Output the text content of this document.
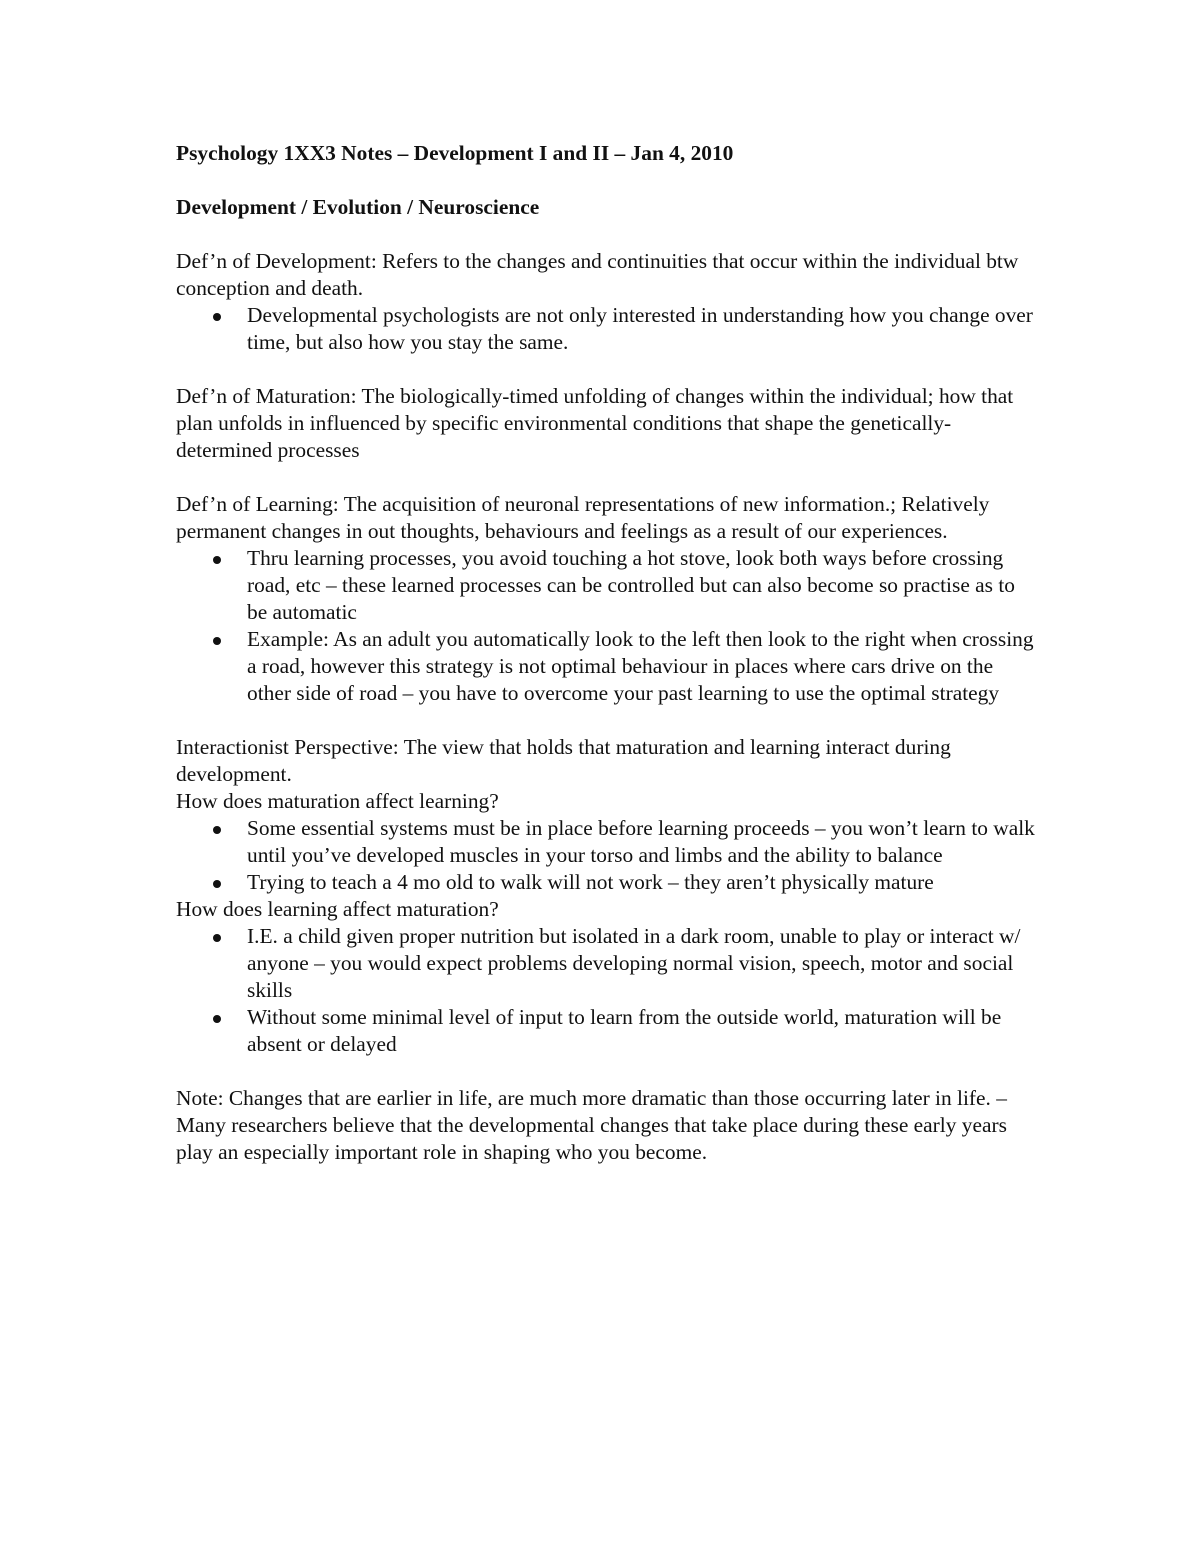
Psychology 1XX3 Notes – Development I and II – Jan 4, 2010

Development / Evolution / Neuroscience

Def’n of Development: Refers to the changes and continuities that occur within the individual btw conception and death.

Developmental psychologists are not only interested in understanding how you change over time, but also how you stay the same.

Def’n of Maturation: The biologically-timed unfolding of changes within the individual; how that plan unfolds in influenced by specific environmental conditions that shape the genetically-determined processes

Def’n of Learning: The acquisition of neuronal representations of new information.; Relatively permanent changes in out thoughts, behaviours and feelings as a result of our experiences.

Thru learning processes, you avoid touching a hot stove, look both ways before crossing road, etc – these learned processes can be controlled but can also become so practise as to be automatic
Example: As an adult you automatically look to the left then look to the right when crossing a road, however this strategy is not optimal behaviour in places where cars drive on the other side of road – you have to overcome your past learning to use the optimal strategy

Interactionist Perspective: The view that holds that maturation and learning interact during development.

How does maturation affect learning?

Some essential systems must be in place before learning proceeds – you won’t learn to walk until you’ve developed muscles in your torso and limbs and the ability to balance
Trying to teach a 4 mo old to walk will not work – they aren’t physically mature

How does learning affect maturation?

I.E. a child given proper nutrition but isolated in a dark room, unable to play or interact w/ anyone – you would expect problems developing normal vision, speech, motor and social skills
Without some minimal level of input to learn from the outside world, maturation will be absent or delayed

Note: Changes that are earlier in life, are much more dramatic than those occurring later in life. – Many researchers believe that the developmental changes that take place during these early years play an especially important role in shaping who you become.
